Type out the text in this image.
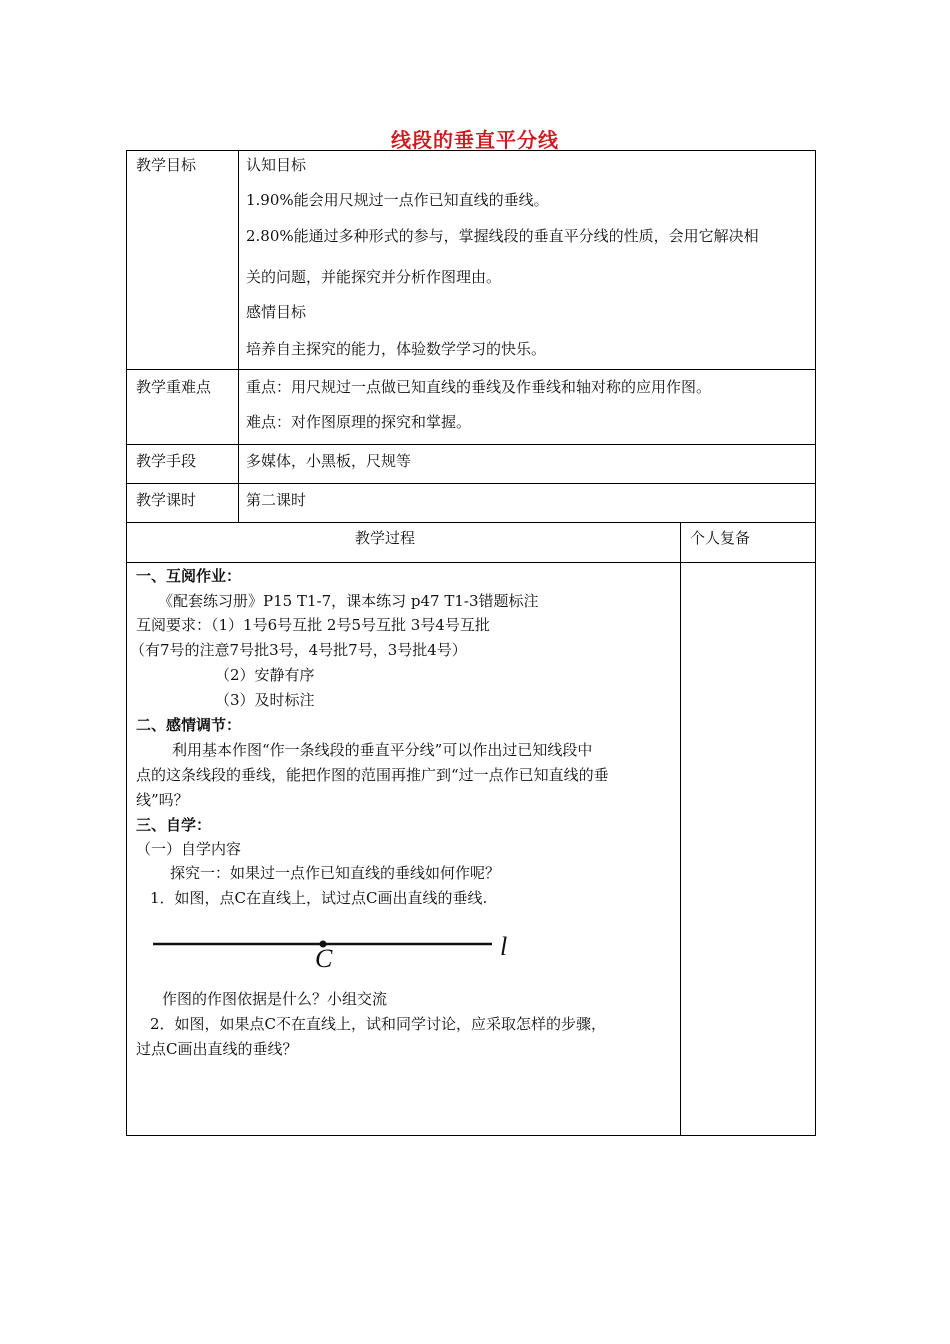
线段的垂直平分线
教学目标	认知目标
1.90%能会用尺规过一点作已知直线的垂线。
2.80%能通过多种形式的参与，掌握线段的垂直平分线的性质，会用它解决相
关的问题，并能探究并分析作图理由。
感情目标
培养自主探究的能力，体验数学学习的快乐。
教学重难点 重点：用尺规过一点做已知直线的垂线及作垂线和轴对称的应用作图。
难点：对作图原理的探究和掌握。
教学手段	多媒体，小黑板，尺规等
教学课时	第二课时
教学过程	个人复备
一、互阅作业：
《配套练习册》P15 T1-7，课本练习 p47 T1-3错题标注
互阅要求：（1）1号6号互批 2号5号互批 3号4号互批
（有7号的注意7号批3号，4号批7号，3号批4号）
（2）安静有序
（3）及时标注
二、感情调节：
利用基本作图“作一条线段的垂直平分线”可以作出过已知线段中
点的这条线段的垂线，能把作图的范围再推广到“过一点作已知直线的垂
线”吗？
三、自学：
（一）自学内容
探究一：如果过一点作已知直线的垂线如何作呢？
1．如图，点C在直线上，试过点C画出直线的垂线.
C	l
作图的作图依据是什么？小组交流
2．如图，如果点C不在直线上，试和同学讨论，应采取怎样的步骤，
过点C画出直线的垂线？
